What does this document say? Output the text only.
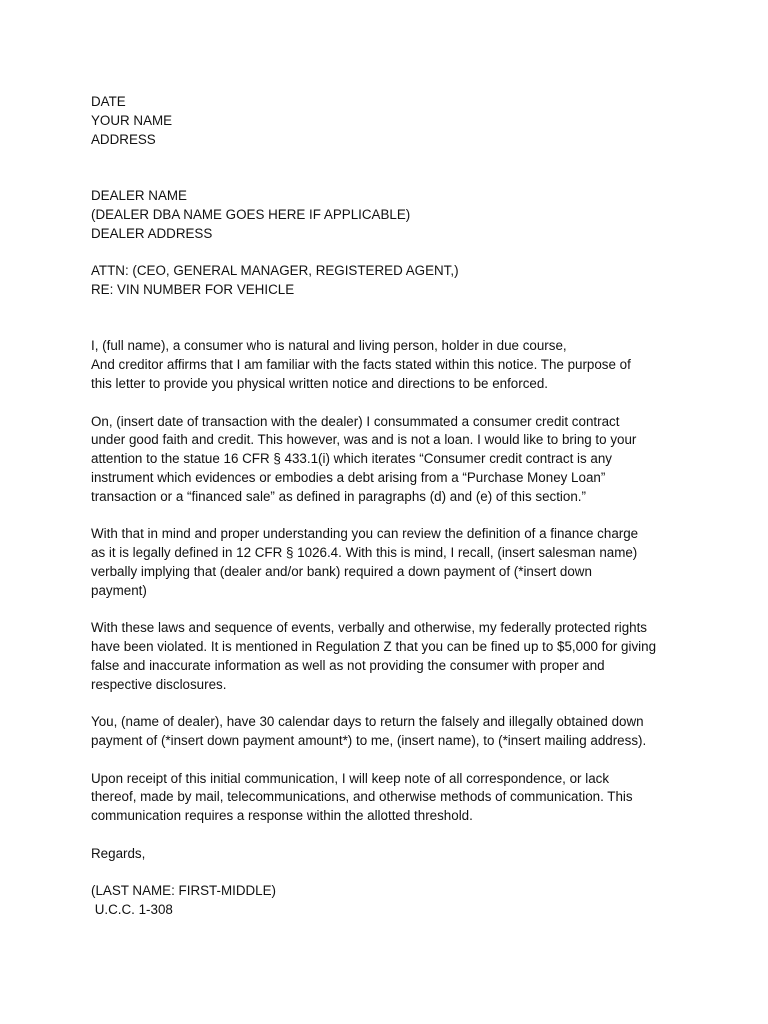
DATE
YOUR NAME
ADDRESS
DEALER NAME
(DEALER DBA NAME GOES HERE IF APPLICABLE)
DEALER ADDRESS
ATTN: (CEO, GENERAL MANAGER, REGISTERED AGENT,)
RE: VIN NUMBER FOR VEHICLE
I, (full name), a consumer who is natural and living person, holder in due course,
And creditor affirms that I am familiar with the facts stated within this notice. The purpose of
this letter to provide you physical written notice and directions to be enforced.
On, (insert date of transaction with the dealer) I consummated a consumer credit contract
under good faith and credit. This however, was and is not a loan. I would like to bring to your
attention to the statue 16 CFR § 433.1(i) which iterates “Consumer credit contract is any
instrument which evidences or embodies a debt arising from a “Purchase Money Loan”
transaction or a “financed sale” as defined in paragraphs (d) and (e) of this section.”
With that in mind and proper understanding you can review the definition of a finance charge
as it is legally defined in 12 CFR § 1026.4. With this is mind, I recall, (insert salesman name)
verbally implying that (dealer and/or bank) required a down payment of (*insert down
payment)
With these laws and sequence of events, verbally and otherwise, my federally protected rights
have been violated. It is mentioned in Regulation Z that you can be fined up to $5,000 for giving
false and inaccurate information as well as not providing the consumer with proper and
respective disclosures.
You, (name of dealer), have 30 calendar days to return the falsely and illegally obtained down
payment of (*insert down payment amount*) to me, (insert name), to (*insert mailing address).
Upon receipt of this initial communication, I will keep note of all correspondence, or lack
thereof, made by mail, telecommunications, and otherwise methods of communication. This
communication requires a response within the allotted threshold.
Regards,
(LAST NAME: FIRST-MIDDLE)
U.C.C. 1-308
